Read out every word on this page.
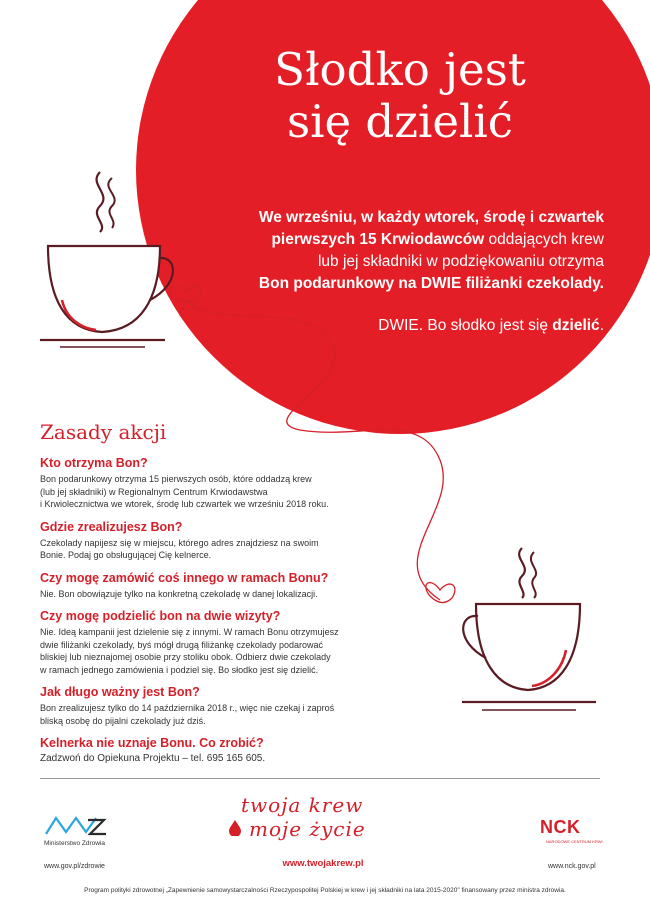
Słodko jest
się dzielić

We wrześniu, w każdy wtorek, środę i czwartek

pierwszych 15 Krwiodawców oddających krew

lub jej składniki w podziękowaniu otrzyma

Bon podarunkowy na DWIE filiżanki czekolady.

DWIE. Bo słodko jest się dzielić.
Zasady akcji
Kto otrzyma Bon?

Bon podarunkowy otrzyma 15 pierwszych osób, które oddadzą krew
(lub jej składniki) w Regionalnym Centrum Krwiodawstwa
i Krwiolecznictwa we wtorek, środę lub czwartek we wrześniu 2018 roku.

Gdzie zrealizujesz Bon?

Czekolady napijesz się w miejscu, którego adres znajdziesz na swoim
Bonie. Podaj go obsługującej Cię kelnerce.

Czy mogę zamówić coś innego w ramach Bonu?

Nie. Bon obowiązuje tylko na konkretną czekoladę w danej lokalizacji.

Czy mogę podzielić bon na dwie wizyty?

Nie. Ideą kampanii jest dzielenie się z innymi. W ramach Bonu otrzymujesz
dwie filiżanki czekolady, byś mógł drugą filiżankę czekolady podarować
bliskiej lub nieznajomej osobie przy stoliku obok. Odbierz dwie czekolady
w ramach jednego zamówienia i podziel się. Bo słodko jest się dzielić.

Jak długo ważny jest Bon?

Bon zrealizujesz tylko do 14 października 2018 r., więc nie czekaj i zaproś
bliską osobę do pijalni czekolady już dziś.

Kelnerka nie uznaje Bonu. Co zrobić?

Zadzwoń do Opiekuna Projektu – tel. 695 165 605.

Ministerstwo Zdrowia
www.gov.pl/zdrowie
twoja krew
moje życie
www.twojakrew.pl
NCK
NARODOWE CENTRUM KRWI
www.nck.gov.pl
Program polityki zdrowotnej „Zapewnienie samowystarczalności Rzeczypospolitej Polskiej w krew i jej składniki na lata 2015-2020" finansowany przez ministra zdrowia.
